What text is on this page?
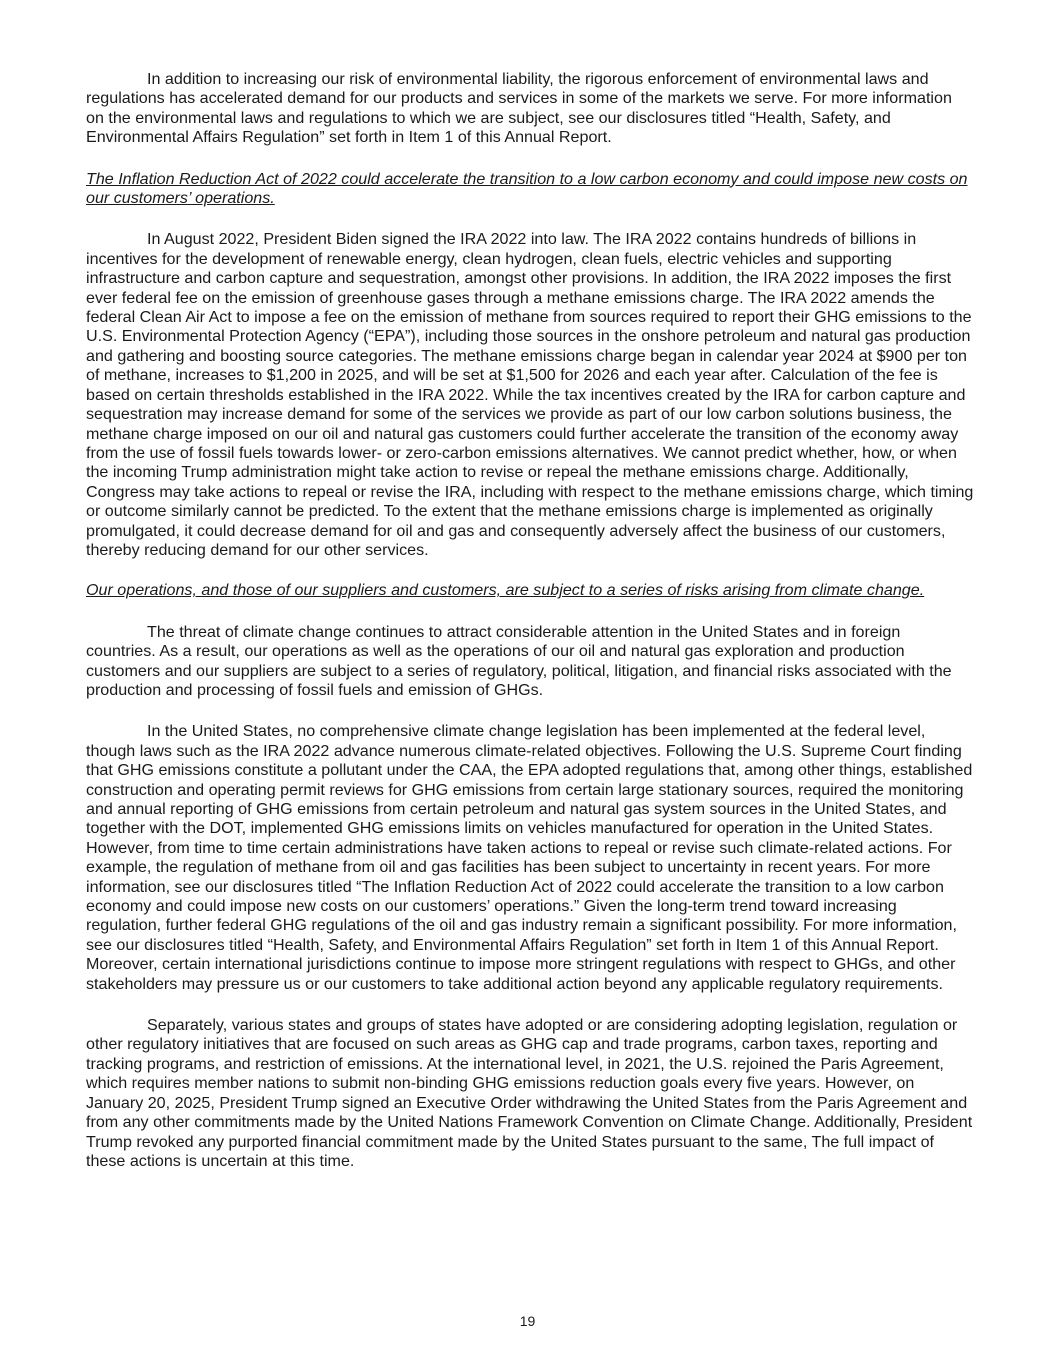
In addition to increasing our risk of environmental liability, the rigorous enforcement of environmental laws and regulations has accelerated demand for our products and services in some of the markets we serve. For more information on the environmental laws and regulations to which we are subject, see our disclosures titled “Health, Safety, and Environmental Affairs Regulation” set forth in Item 1 of this Annual Report.

The Inflation Reduction Act of 2022 could accelerate the transition to a low carbon economy and could impose new costs on our customers’ operations.

In August 2022, President Biden signed the IRA 2022 into law. The IRA 2022 contains hundreds of billions in incentives for the development of renewable energy, clean hydrogen, clean fuels, electric vehicles and supporting infrastructure and carbon capture and sequestration, amongst other provisions. In addition, the IRA 2022 imposes the first ever federal fee on the emission of greenhouse gases through a methane emissions charge. The IRA 2022 amends the federal Clean Air Act to impose a fee on the emission of methane from sources required to report their GHG emissions to the U.S. Environmental Protection Agency (“EPA”), including those sources in the onshore petroleum and natural gas production and gathering and boosting source categories. The methane emissions charge began in calendar year 2024 at $900 per ton of methane, increases to $1,200 in 2025, and will be set at $1,500 for 2026 and each year after. Calculation of the fee is based on certain thresholds established in the IRA 2022. While the tax incentives created by the IRA for carbon capture and sequestration may increase demand for some of the services we provide as part of our low carbon solutions business, the methane charge imposed on our oil and natural gas customers could further accelerate the transition of the economy away from the use of fossil fuels towards lower- or zero-carbon emissions alternatives. We cannot predict whether, how, or when the incoming Trump administration might take action to revise or repeal the methane emissions charge. Additionally, Congress may take actions to repeal or revise the IRA, including with respect to the methane emissions charge, which timing or outcome similarly cannot be predicted. To the extent that the methane emissions charge is implemented as originally promulgated, it could decrease demand for oil and gas and consequently adversely affect the business of our customers, thereby reducing demand for our other services.

Our operations, and those of our suppliers and customers, are subject to a series of risks arising from climate change.

The threat of climate change continues to attract considerable attention in the United States and in foreign countries. As a result, our operations as well as the operations of our oil and natural gas exploration and production customers and our suppliers are subject to a series of regulatory, political, litigation, and financial risks associated with the production and processing of fossil fuels and emission of GHGs.

In the United States, no comprehensive climate change legislation has been implemented at the federal level, though laws such as the IRA 2022 advance numerous climate-related objectives. Following the U.S. Supreme Court finding that GHG emissions constitute a pollutant under the CAA, the EPA adopted regulations that, among other things, established construction and operating permit reviews for GHG emissions from certain large stationary sources, required the monitoring and annual reporting of GHG emissions from certain petroleum and natural gas system sources in the United States, and together with the DOT, implemented GHG emissions limits on vehicles manufactured for operation in the United States. However, from time to time certain administrations have taken actions to repeal or revise such climate-related actions. For example, the regulation of methane from oil and gas facilities has been subject to uncertainty in recent years. For more information, see our disclosures titled “The Inflation Reduction Act of 2022 could accelerate the transition to a low carbon economy and could impose new costs on our customers’ operations.” Given the long-term trend toward increasing regulation, further federal GHG regulations of the oil and gas industry remain a significant possibility. For more information, see our disclosures titled “Health, Safety, and Environmental Affairs Regulation” set forth in Item 1 of this Annual Report. Moreover, certain international jurisdictions continue to impose more stringent regulations with respect to GHGs, and other stakeholders may pressure us or our customers to take additional action beyond any applicable regulatory requirements.

Separately, various states and groups of states have adopted or are considering adopting legislation, regulation or other regulatory initiatives that are focused on such areas as GHG cap and trade programs, carbon taxes, reporting and tracking programs, and restriction of emissions. At the international level, in 2021, the U.S. rejoined the Paris Agreement, which requires member nations to submit non-binding GHG emissions reduction goals every five years. However, on January 20, 2025, President Trump signed an Executive Order withdrawing the United States from the Paris Agreement and from any other commitments made by the United Nations Framework Convention on Climate Change. Additionally, President Trump revoked any purported financial commitment made by the United States pursuant to the same, The full impact of these actions is uncertain at this time.

19
